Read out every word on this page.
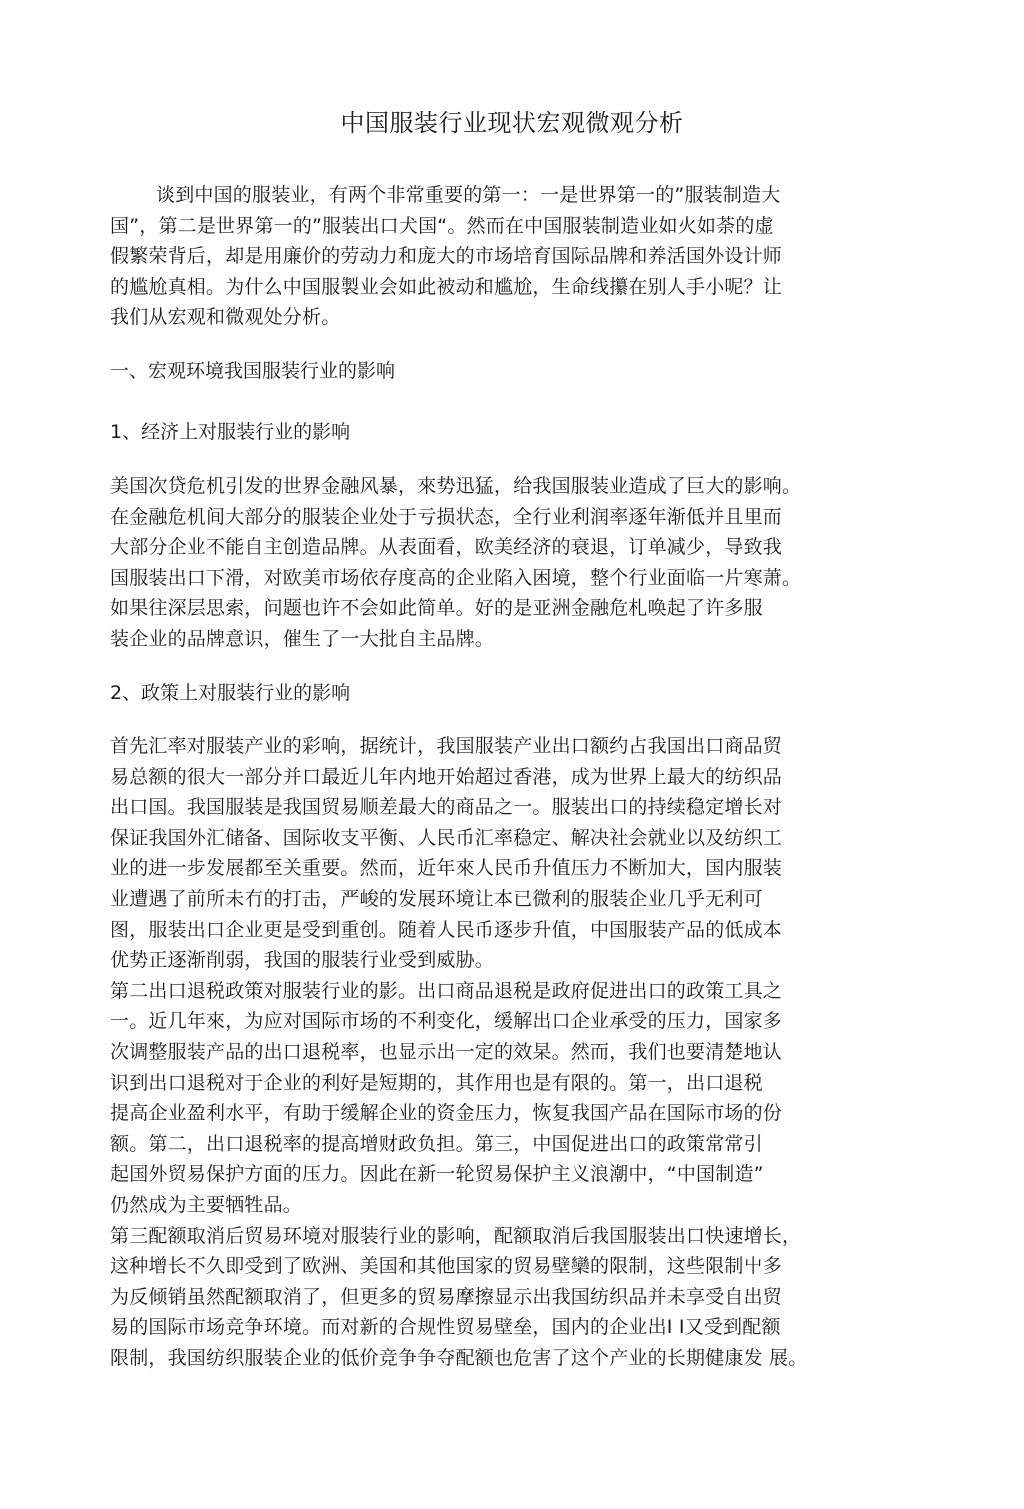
中国服装行业现状宏观微观分析
谈到中国的服装业，有两个非常重要的第一：一是世界第一的”服装制造大
国”，第二是世界第一的”服装出口犬国“。然而在中国服装制造业如火如荼的虚
假繁荣背后，却是用廉价的劳动力和庞大的市场培育国际品牌和养活国外设计师
的尴尬真相。为什么中国服製业会如此被动和尴尬，生命线攥在别人手小呢？让
我们从宏观和微观处分析。
一、宏观环境我国服装行业的影响
1、经济上对服装行业的影响
美国次贷危机引发的世界金融风暴，來势迅猛，给我国服装业造成了巨大的影响。
在金融危机间大部分的服装企业处于亏损状态，全行业利润率逐年渐低并且里而
大部分企业不能自主创造品牌。从表面看，欧美经济的衰退，订单减少，导致我
国服装出口下滑，对欧美市场依存度高的企业陷入困境，整个行业面临一片寒萧。
如果往深层思索，问题也许不会如此简单。好的是亚洲金融危札唤起了许多服
装企业的品牌意识，催生了一大批自主品牌。
2、政策上对服装行业的影响
首先汇率对服装产业的彩响，据统计，我国服装产业出口额约占我国出口商品贸
易总额的很大一部分并口最近儿年内地开始超过香港，成为世界上最大的纺织品
出口国。我国服装是我国贸易顺差最大的商品之一。服装出口的持续稳定增长对
保证我国外汇储备、国际收支平衡、人民币汇率稳定、解决社会就业以及纺织工
业的进一步发展都至关重要。然而，近年來人民币升值压力不断加大，国内服装
业遭遇了前所未冇的打击，严峻的发展环境让本已微利的服装企业几乎无利可
图，服装出口企业更是受到重创。随着人民币逐步升值，中国服装产品的低成本
优势正逐渐削弱，我国的服装行业受到威胁。
第二出口退税政策对服装行业的影。出口商品退税是政府促进出口的政策工具之
一。近几年來，为应对国际市场的不利变化，缓解出口企业承受的压力，国家多
次调整服装产品的出口退税率，也显示出一定的效杲。然而，我们也要清楚地认
识到出口退税对于企业的利好是短期的，其作用也是有限的。第一，出口退税
提高企业盈利水平，有助于缓解企业的资金压力，恢复我国产品在国际市场的份
额。第二，出口退税率的提高增财政负担。第三，中国促进出口的政策常常引
起国外贸易保护方面的压力。因此在新一轮贸易保护主义浪潮中，“中国制造”
仍然成为主要牺牲品。
第三配额取消后贸易环境对服装行业的影响，配额取消后我国服装出口快速增长，
这种增长不久即受到了欧洲、美国和其他国家的贸易壁欒的限制，这些限制屮多
为反倾销虽然配额取消了，但更多的贸易摩擦显示出我国纺织品并未享受自出贸
易的国际市场竞争环境。而对新的合规性贸易壁垒，国内的企业出I I又受到配额
限制，我国纺织服装企业的低价竞争争夺配额也危害了这个产业的长期健康发 展。
